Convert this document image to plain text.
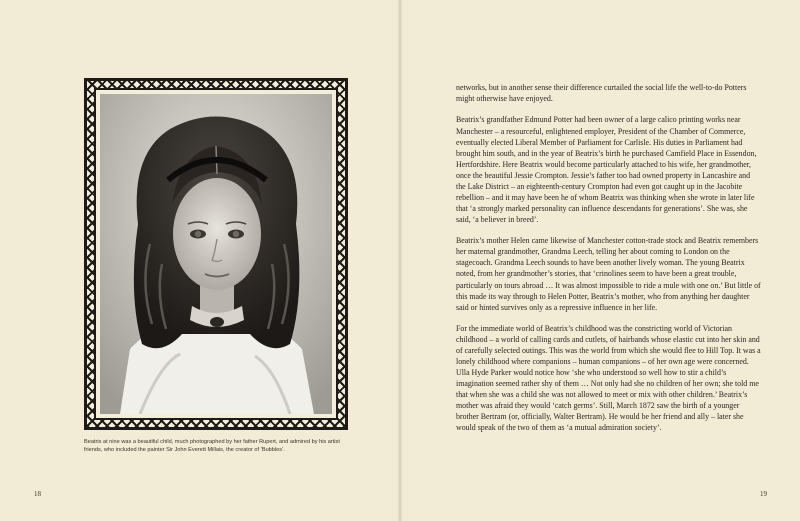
Beatrix at nine was a beautiful child, much photographed by her father Rupert, and admired by his artist friends, who included the painter Sir John Everett Millais, the creator of ‘Bubbles’.

18

networks, but in another sense their difference curtailed the social life the well-to-do Potters might otherwise have enjoyed.

Beatrix’s grandfather Edmund Potter had been owner of a large calico printing works near Manchester – a resourceful, enlightened employer, President of the Chamber of Commerce, eventually elected Liberal Member of Parliament for Carlisle. His duties in Parliament had brought him south, and in the year of Beatrix’s birth he purchased Camfield Place in Essendon, Hertfordshire. Here Beatrix would become particularly attached to his wife, her grandmother, once the beautiful Jessie Crompton. Jessie’s father too had owned property in Lancashire and the Lake District – an eighteenth-century Crompton had even got caught up in the Jacobite rebellion – and it may have been he of whom Beatrix was thinking when she wrote in later life that ‘a strongly marked personality can influence descendants for generations’. She was, she said, ‘a believer in breed’.

Beatrix’s mother Helen came likewise of Manchester cotton-trade stock and Beatrix remembers her maternal grandmother, Grandma Leech, telling her about coming to London on the stagecoach. Grandma Leech sounds to have been another lively woman. The young Beatrix noted, from her grandmother’s stories, that ‘crinolines seem to have been a great trouble, particularly on tours abroad … It was almost impossible to ride a mule with one on.’ But little of this made its way through to Helen Potter, Beatrix’s mother, who from anything her daughter said or hinted survives only as a repressive influence in her life.

For the immediate world of Beatrix’s childhood was the constricting world of Victorian childhood – a world of calling cards and cutlets, of hairbands whose elastic cut into her skin and of carefully selected outings. This was the world from which she would flee to Hill Top. It was a lonely childhood where companions – human companions – of her own age were concerned. Ulla Hyde Parker would notice how ‘she who understood so well how to stir a child’s imagination seemed rather shy of them … Not only had she no children of her own; she told me that when she was a child she was not allowed to meet or mix with other children.’ Beatrix’s mother was afraid they would ‘catch germs’. Still, March 1872 saw the birth of a younger brother Bertram (or, officially, Walter Bertram). He would be her friend and ally – later she would speak of the two of them as ‘a mutual admiration society’.

19
